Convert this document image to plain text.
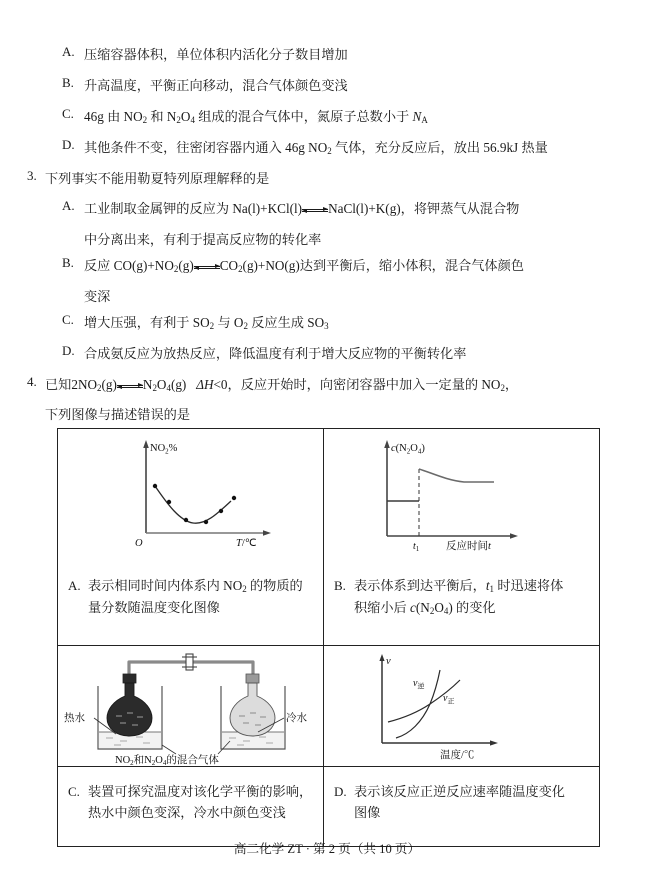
A. 压缩容器体积，单位体积内活化分子数目增加
B. 升高温度，平衡正向移动，混合气体颜色变浅
C. 46g 由 $NO_2$ 和 $N_2O_4$ 组成的混合气体中，氮原子总数小于 $N_A$
D. 其他条件不变，往密闭容器内通入 46g $NO_2$ 气体，充分反应后，放出 56.9kJ 热量
3. 下列事实不能用勒夏特列原理解释的是
A. 工业制取金属钾的反应为 Na(l)+KCl(l) NaCl(l)+K(g)，将钾蒸气从混合物
中分离出来，有利于提高反应物的转化率
B. 反应 $CO(g)+NO_2(g)$ $CO_2(g)+NO(g)$达到平衡后，缩小体积，混合气体颜色
变深
C. 增大压强，有利于 $SO_2$ 与 $O_2$ 反应生成 $SO_3$
D. 合成氨反应为放热反应，降低温度有利于增大反应物的平衡转化率
4. 已知$2NO_2(g)$ $N_2O_4(g)$   ΔH<0，反应开始时，向密闭容器中加入一定量的 $NO_2$，
下列图像与描述错误的是
$NO_2\%$
O	T/℃
$c(N_2O_4)$
$t_1$	反应时间t
A. 表示相同时间内体系内 $NO_2$ 的物质的
量分数随温度变化图像
B. 表示体系到达平衡后，$t_1$ 时迅速将体
积缩小后 $c(N_2O_4)$ 的变化
热水	冷水
NO2和N2O4的混合气体
v
$v_逆$
$v_正$
温度/℃
C. 装置可探究温度对该化学平衡的影响，
热水中颜色变深，冷水中颜色变浅
D. 表示该反应正逆反应速率随温度变化
图像
高二化学 ZT · 第 2 页（共 10 页）
